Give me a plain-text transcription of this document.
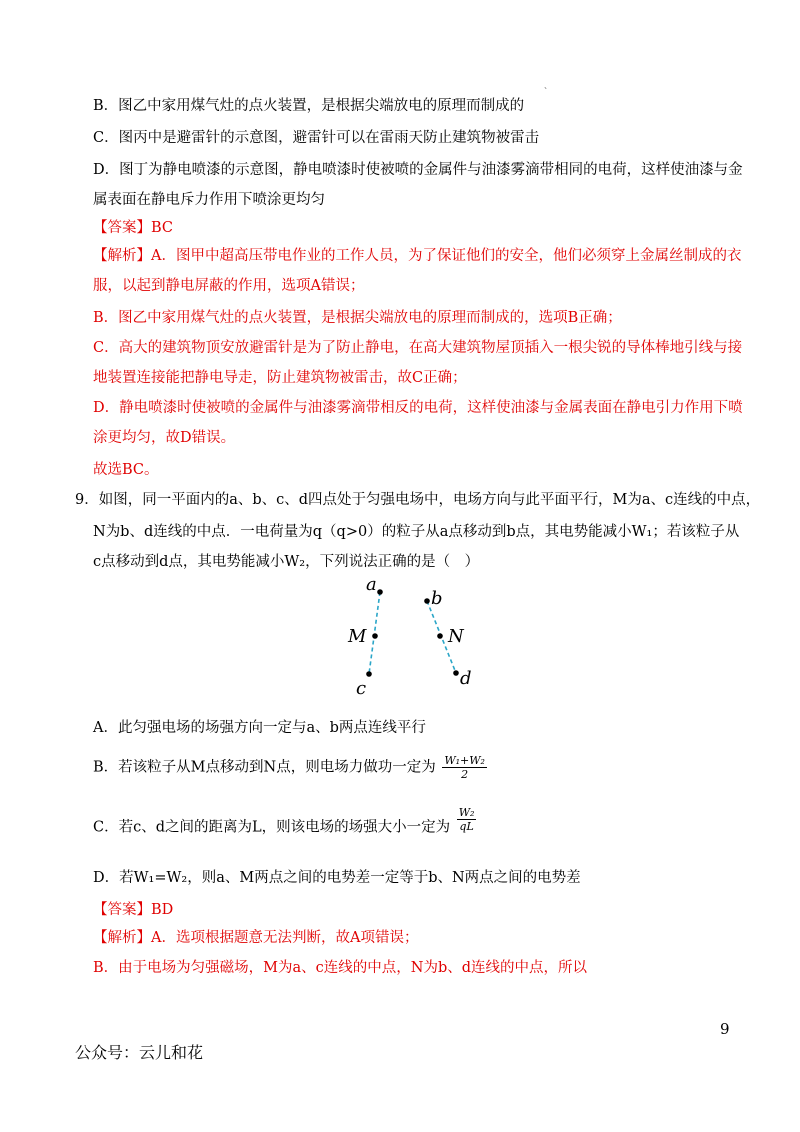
、
B．图乙中家用煤气灶的点火装置，是根据尖端放电的原理而制成的
C．图丙中是避雷针的示意图，避雷针可以在雷雨天防止建筑物被雷击
D．图丁为静电喷漆的示意图，静电喷漆时使被喷的金属件与油漆雾滴带相同的电荷，这样使油漆与金
属表面在静电斥力作用下喷涂更均匀
【答案】BC
【解析】A．图甲中超高压带电作业的工作人员，为了保证他们的安全，他们必须穿上金属丝制成的衣
服，以起到静电屏蔽的作用，选项A错误；
B．图乙中家用煤气灶的点火装置，是根据尖端放电的原理而制成的，选项B正确；
C．高大的建筑物顶安放避雷针是为了防止静电，在高大建筑物屋顶插入一根尖锐的导体棒地引线与接
地装置连接能把静电导走，防止建筑物被雷击，故C正确；
D．静电喷漆时使被喷的金属件与油漆雾滴带相反的电荷，这样使油漆与金属表面在静电引力作用下喷
涂更均匀，故D错误。
故选BC。
9．如图，同一平面内的a、b、c、d四点处于匀强电场中，电场方向与此平面平行，M为a、c连线的中点，
N为b、d连线的中点．一电荷量为q（q>0）的粒子从a点移动到b点，其电势能减小W₁；若该粒子从
c点移动到d点，其电势能减小W₂，下列说法正确的是（　）
a
M
c
b
N
d
A．此匀强电场的场强方向一定与a、b两点连线平行
B．若该粒子从M点移动到N点，则电场力做功一定为 $\frac{\text{W₁+W₂}}{2}$
C．若c、d之间的距离为L，则该电场的场强大小一定为 $\frac{\text{W₂}}{qL}$
D．若W₁=W₂，则a、M两点之间的电势差一定等于b、N两点之间的电势差
【答案】BD
【解析】A．选项根据题意无法判断，故A项错误；
B．由于电场为匀强磁场，M为a、c连线的中点，N为b、d连线的中点，所以
9
公众号：云儿和花
